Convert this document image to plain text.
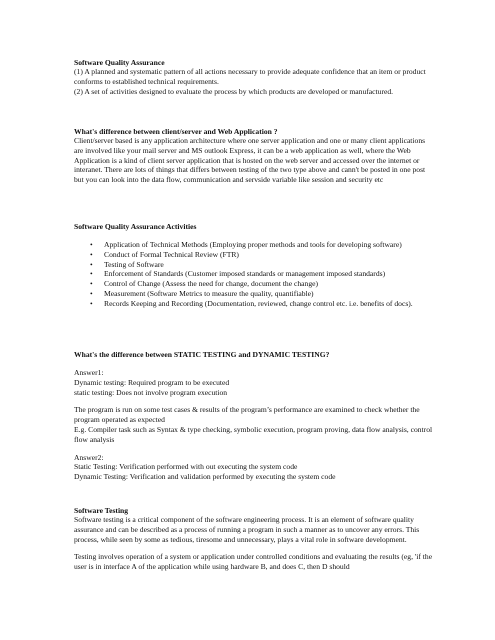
Software Quality Assurance

(1) A planned and systematic pattern of all actions necessary to provide adequate confidence that an item or product conforms to established technical requirements.

(2) A set of activities designed to evaluate the process by which products are developed or manufactured.

What's difference between client/server and Web Application ?

Client/server based is any application architecture where one server application and one or many client applications are involved like your mail server and MS outlook Express, it can be a web application as well, where the Web Application is a kind of client server application that is hosted on the web server and accessed over the internet or interanet. There are lots of things that differs between testing of the two type above and cann't be posted in one post but you can look into the data flow, communication and servside variable like session and security etc

Software Quality Assurance Activities

• Application of Technical Methods (Employing proper methods and tools for developing software)
• Conduct of Formal Technical Review (FTR)
• Testing of Software
• Enforcement of Standards (Customer imposed standards or management imposed standards)
• Control of Change (Assess the need for change, document the change)
• Measurement (Software Metrics to measure the quality, quantifiable)
• Records Keeping and Recording (Documentation, reviewed, change control etc. i.e. benefits of docs).

What's the difference between STATIC TESTING and DYNAMIC TESTING?

Answer1:

Dynamic testing: Required program to be executed

static testing: Does not involve program execution

The program is run on some test cases & results of the program’s performance are examined to check whether the program operated as expected

E.g. Compiler task such as Syntax & type checking, symbolic execution, program proving, data flow analysis, control flow analysis

Answer2:

Static Testing: Verification performed with out executing the system code

Dynamic Testing: Verification and validation performed by executing the system code

Software Testing

Software testing is a critical component of the software engineering process. It is an element of software quality assurance and can be described as a process of running a program in such a manner as to uncover any errors. This process, while seen by some as tedious, tiresome and unnecessary, plays a vital role in software development.

Testing involves operation of a system or application under controlled conditions and evaluating the results (eg, 'if the user is in interface A of the application while using hardware B, and does C, then D should
